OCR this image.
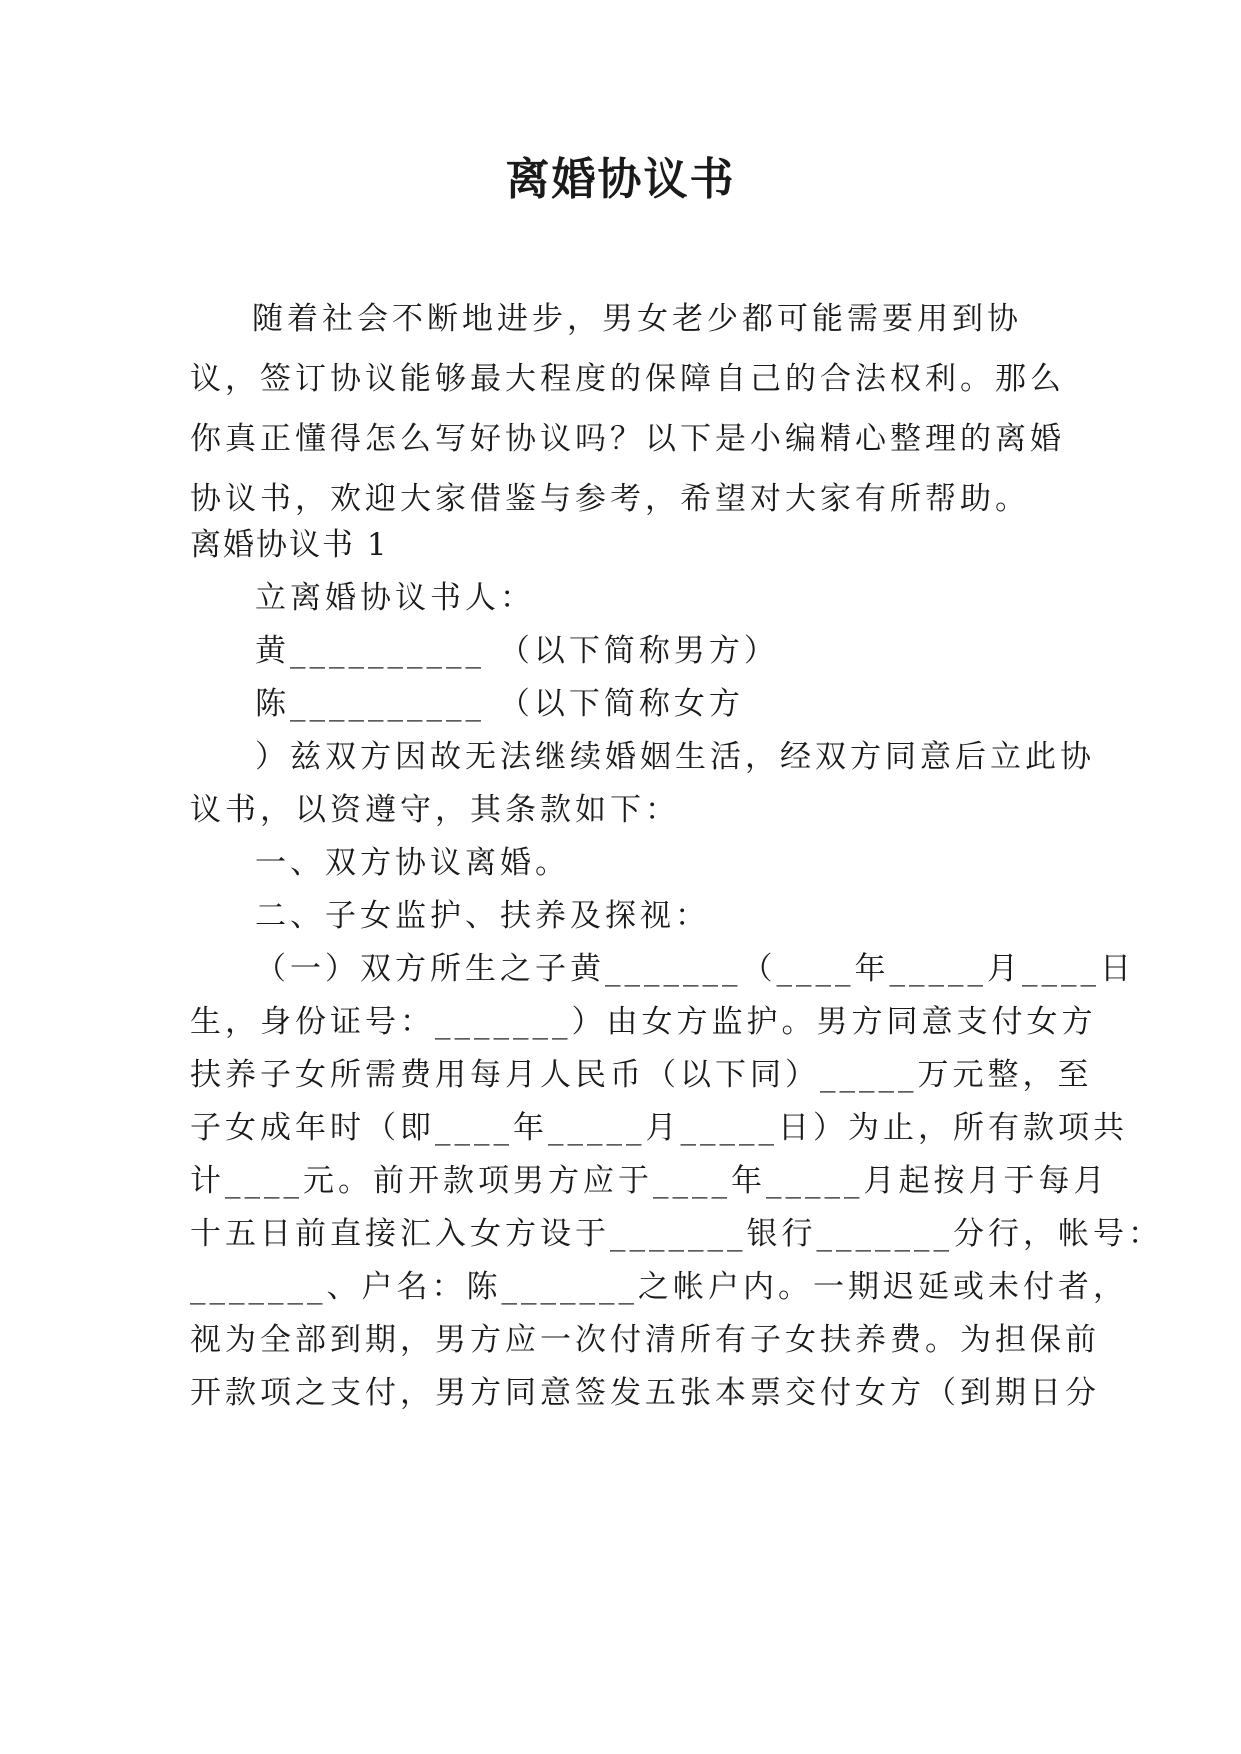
离婚协议书

随着社会不断地进步，男女老少都可能需要用到协议，签订协议能够最大程度的保障自己的合法权利。那么你真正懂得怎么写好协议吗？以下是小编精心整理的离婚协议书，欢迎大家借鉴与参考，希望对大家有所帮助。

离婚协议书 1

立离婚协议书人：

黄__________ （以下简称男方）

陈__________ （以下简称女方

）兹双方因故无法继续婚姻生活，经双方同意后立此协

议书，以资遵守，其条款如下：

一、双方协议离婚。

二、子女监护、扶养及探视：

（一）双方所生之子黄_______（____年_____月____日

生，身份证号：_______）由女方监护。男方同意支付女方

扶养子女所需费用每月人民币（以下同）_____万元整，至

子女成年时（即____年_____月_____日）为止，所有款项共

计____元。前开款项男方应于____年_____月起按月于每月

十五日前直接汇入女方设于_______银行_______分行，帐号：

_______、户名：陈_______之帐户内。一期迟延或未付者，

视为全部到期，男方应一次付清所有子女扶养费。为担保前

开款项之支付，男方同意签发五张本票交付女方（到期日分
